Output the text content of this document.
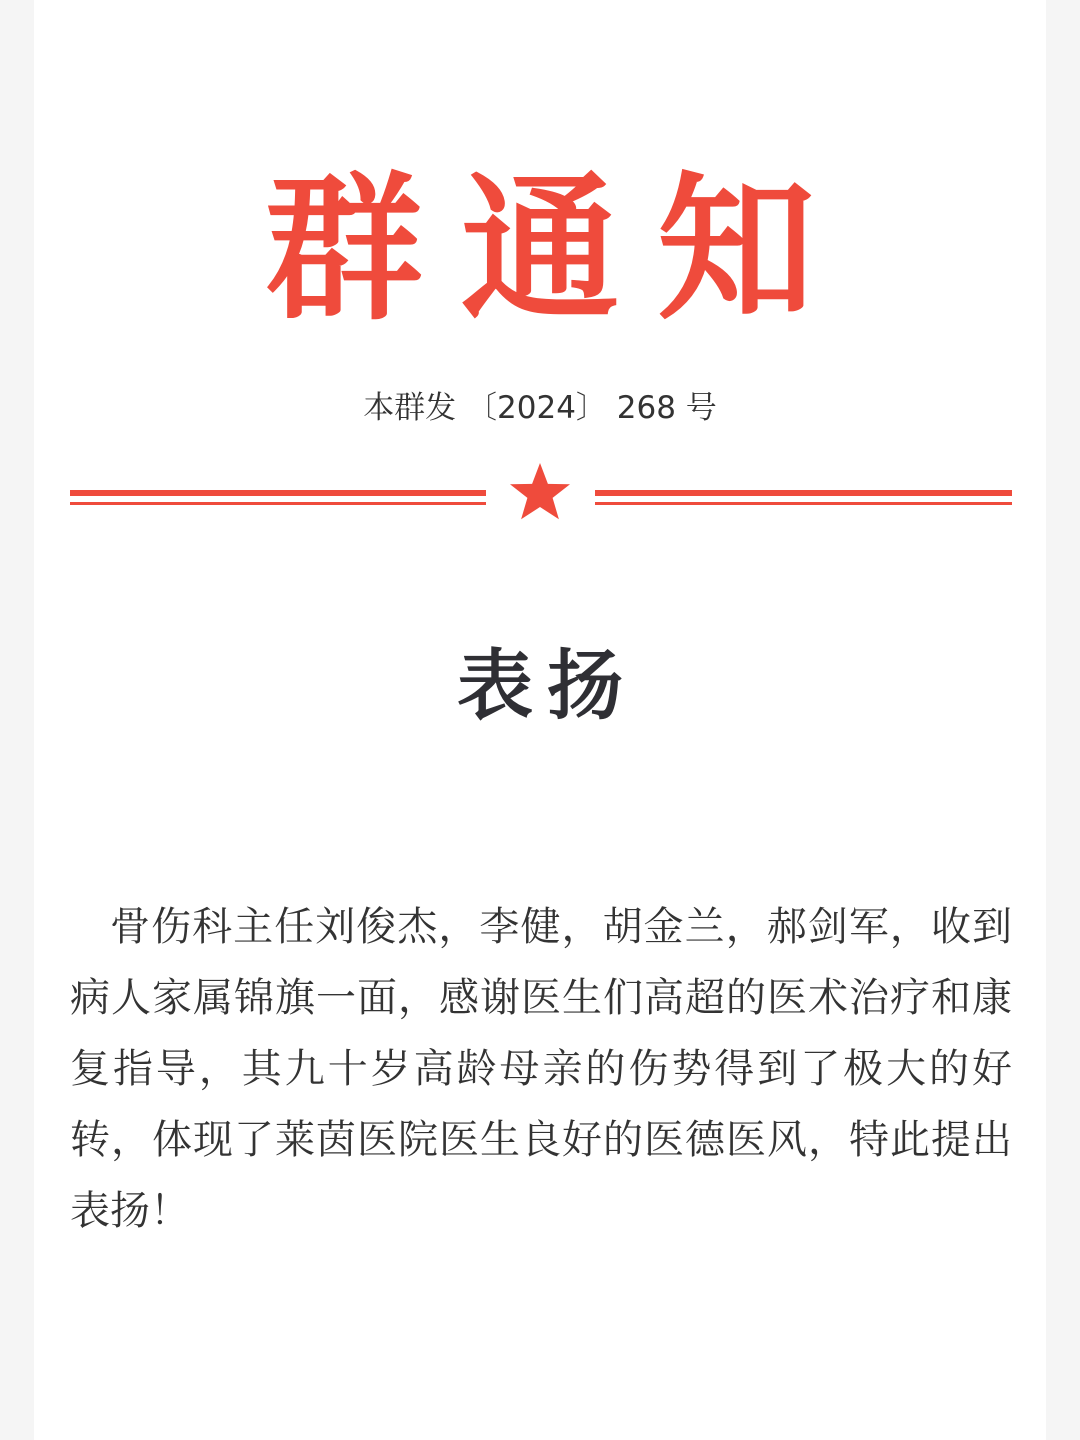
群通知
本群发 〔2024〕 268 号
表扬

骨伤科主任刘俊杰，李健，胡金兰，郝剑军，收到病人家属锦旗一面，感谢医生们高超的医术治疗和康复指导，其九十岁高龄母亲的伤势得到了极大的好转，体现了莱茵医院医生良好的医德医风，特此提出表扬！
